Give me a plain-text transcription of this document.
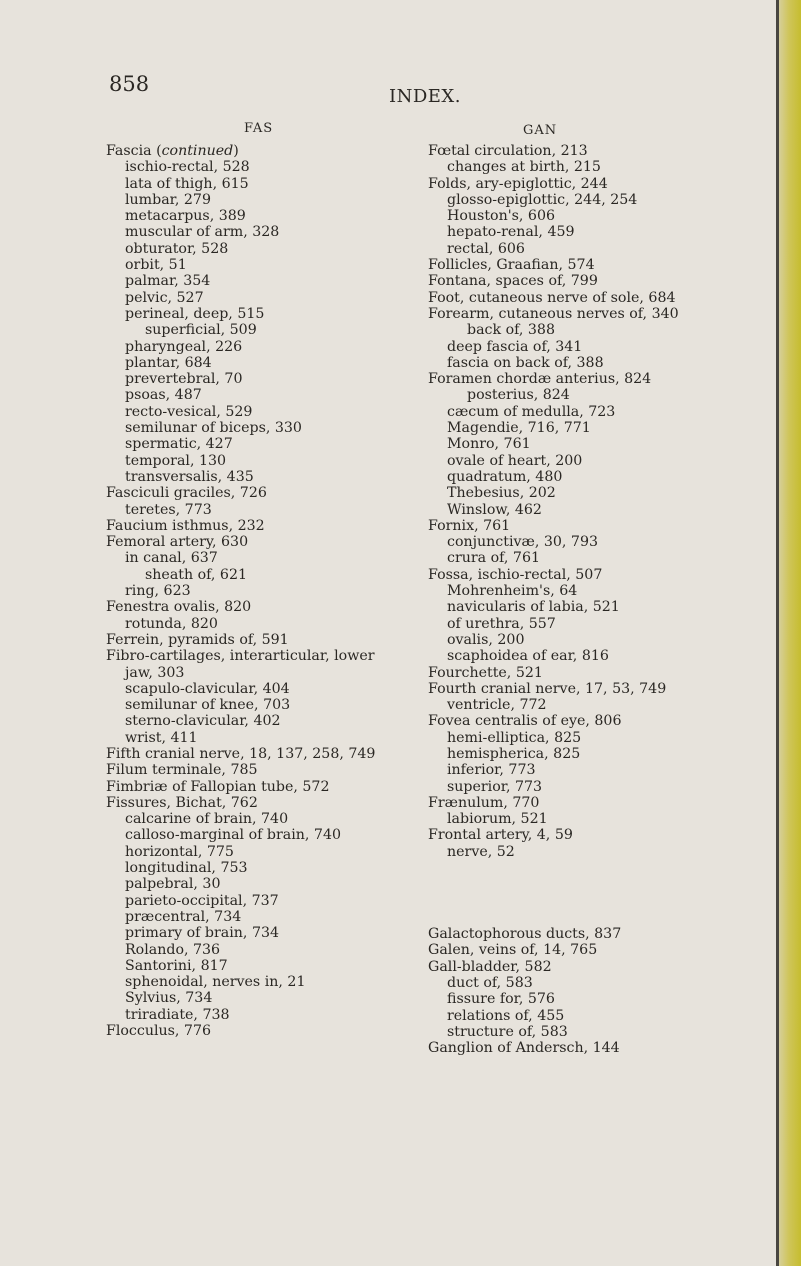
858
INDEX.
FAS	GAN
Fascia (continued)
ischio-rectal, 528
lata of thigh, 615
lumbar, 279
metacarpus, 389
muscular of arm, 328
obturator, 528
orbit, 51
palmar, 354
pelvic, 527
perineal, deep, 515
superficial, 509
pharyngeal, 226
plantar, 684
prevertebral, 70
psoas, 487
recto-vesical, 529
semilunar of biceps, 330
spermatic, 427
temporal, 130
transversalis, 435
Fasciculi graciles, 726
teretes, 773
Faucium isthmus, 232
Femoral artery, 630
in canal, 637
sheath of, 621
ring, 623
Fenestra ovalis, 820
rotunda, 820
Ferrein, pyramids of, 591
Fibro-cartilages, interarticular, lower
jaw, 303
scapulo-clavicular, 404
semilunar of knee, 703
sterno-clavicular, 402
wrist, 411
Fifth cranial nerve, 18, 137, 258, 749
Filum terminale, 785
Fimbriæ of Fallopian tube, 572
Fissures, Bichat, 762
calcarine of brain, 740
calloso-marginal of brain, 740
horizontal, 775
longitudinal, 753
palpebral, 30
parieto-occipital, 737
præcentral, 734
primary of brain, 734
Rolando, 736
Santorini, 817
sphenoidal, nerves in, 21
Sylvius, 734
triradiate, 738
Flocculus, 776
Fœtal circulation, 213
changes at birth, 215
Folds, ary-epiglottic, 244
glosso-epiglottic, 244, 254
Houston's, 606
hepato-renal, 459
rectal, 606
Follicles, Graafian, 574
Fontana, spaces of, 799
Foot, cutaneous nerve of sole, 684
Forearm, cutaneous nerves of, 340
back of, 388
deep fascia of, 341
fascia on back of, 388
Foramen chordæ anterius, 824
posterius, 824
cæcum of medulla, 723
Magendie, 716, 771
Monro, 761
ovale of heart, 200
quadratum, 480
Thebesius, 202
Winslow, 462
Fornix, 761
conjunctivæ, 30, 793
crura of, 761
Fossa, ischio-rectal, 507
Mohrenheim's, 64
navicularis of labia, 521
of urethra, 557
ovalis, 200
scaphoidea of ear, 816
Fourchette, 521
Fourth cranial nerve, 17, 53, 749
ventricle, 772
Fovea centralis of eye, 806
hemi-elliptica, 825
hemispherica, 825
inferior, 773
superior, 773
Frænulum, 770
labiorum, 521
Frontal artery, 4, 59
nerve, 52
Galactophorous ducts, 837
Galen, veins of, 14, 765
Gall-bladder, 582
duct of, 583
fissure for, 576
relations of, 455
structure of, 583
Ganglion of Andersch, 144
